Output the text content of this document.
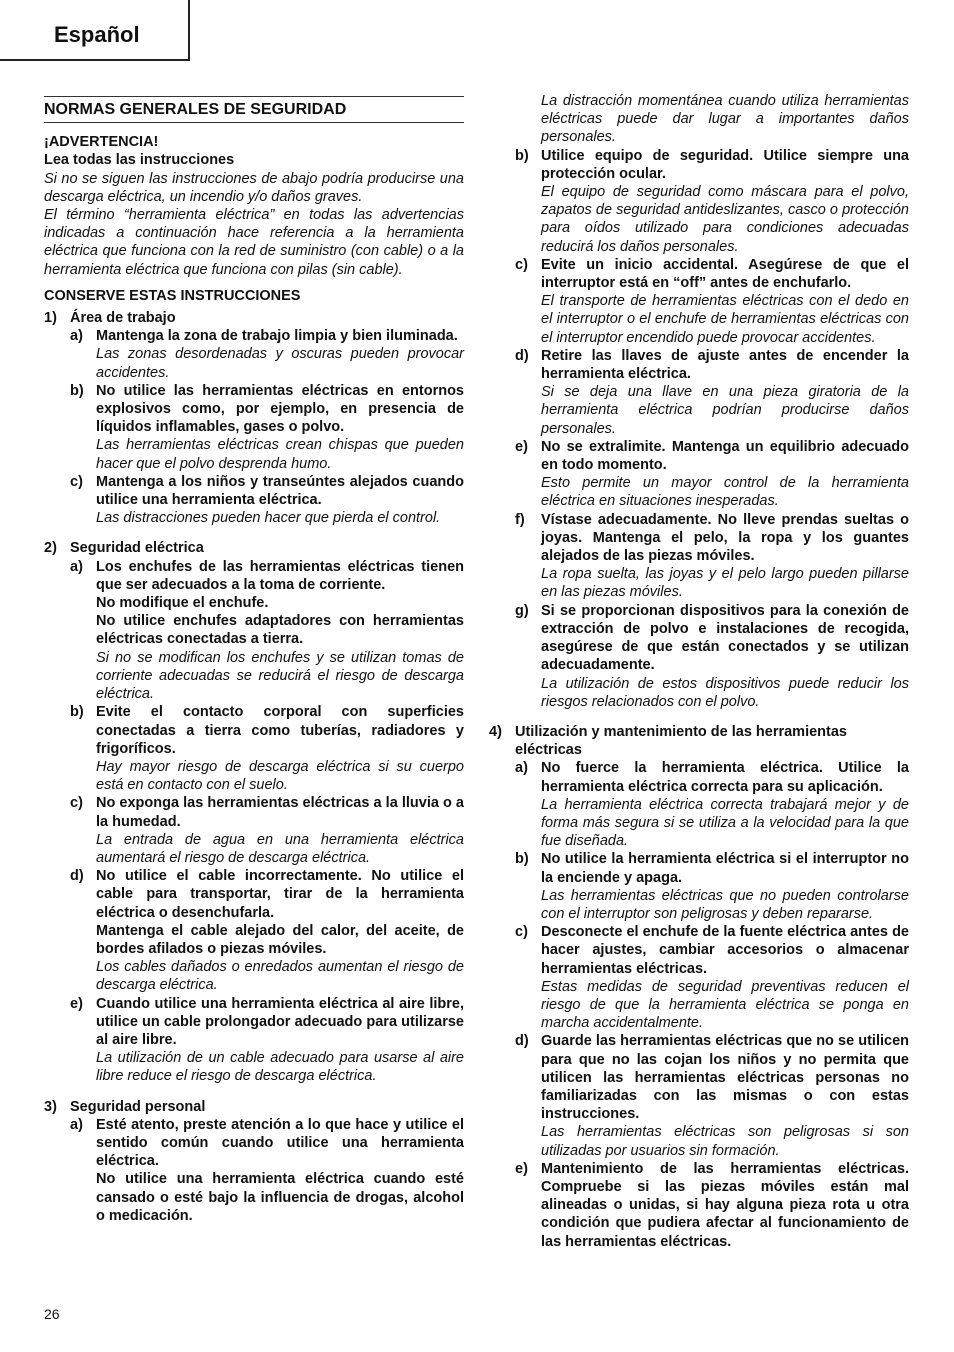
Español
NORMAS GENERALES DE SEGURIDAD
¡ADVERTENCIA!
Lea todas las instrucciones
Si no se siguen las instrucciones de abajo podría producirse una descarga eléctrica, un incendio y/o daños graves.
El término “herramienta eléctrica” en todas las advertencias indicadas a continuación hace referencia a la herramienta eléctrica que funciona con la red de suministro (con cable) o a la herramienta eléctrica que funciona con pilas (sin cable).
CONSERVE ESTAS INSTRUCCIONES
1) Área de trabajo
a) Mantenga la zona de trabajo limpia y bien iluminada.
Las zonas desordenadas y oscuras pueden provocar accidentes.
b) No utilice las herramientas eléctricas en entornos explosivos como, por ejemplo, en presencia de líquidos inflamables, gases o polvo.
Las herramientas eléctricas crean chispas que pueden hacer que el polvo desprenda humo.
c) Mantenga a los niños y transeúntes alejados cuando utilice una herramienta eléctrica.
Las distracciones pueden hacer que pierda el control.
2) Seguridad eléctrica
a) Los enchufes de las herramientas eléctricas tienen que ser adecuados a la toma de corriente.
No modifique el enchufe.
No utilice enchufes adaptadores con herramientas eléctricas conectadas a tierra.
Si no se modifican los enchufes y se utilizan tomas de corriente adecuadas se reducirá el riesgo de descarga eléctrica.
b) Evite el contacto corporal con superficies conectadas a tierra como tuberías, radiadores y frigoríficos.
Hay mayor riesgo de descarga eléctrica si su cuerpo está en contacto con el suelo.
c) No exponga las herramientas eléctricas a la lluvia o a la humedad.
La entrada de agua en una herramienta eléctrica aumentará el riesgo de descarga eléctrica.
d) No utilice el cable incorrectamente. No utilice el cable para transportar, tirar de la herramienta eléctrica o desenchufarla.
Mantenga el cable alejado del calor, del aceite, de bordes afilados o piezas móviles.
Los cables dañados o enredados aumentan el riesgo de descarga eléctrica.
e) Cuando utilice una herramienta eléctrica al aire libre, utilice un cable prolongador adecuado para utilizarse al aire libre.
La utilización de un cable adecuado para usarse al aire libre reduce el riesgo de descarga eléctrica.
3) Seguridad personal
a) Esté atento, preste atención a lo que hace y utilice el sentido común cuando utilice una herramienta eléctrica.
No utilice una herramienta eléctrica cuando esté cansado o esté bajo la influencia de drogas, alcohol o medicación.
La distracción momentánea cuando utiliza herramientas eléctricas puede dar lugar a importantes daños personales.
b) Utilice equipo de seguridad. Utilice siempre una protección ocular.
El equipo de seguridad como máscara para el polvo, zapatos de seguridad antideslizantes, casco o protección para oídos utilizado para condiciones adecuadas reducirá los daños personales.
c) Evite un inicio accidental. Asegúrese de que el interruptor está en “off” antes de enchufarlo.
El transporte de herramientas eléctricas con el dedo en el interruptor o el enchufe de herramientas eléctricas con el interruptor encendido puede provocar accidentes.
d) Retire las llaves de ajuste antes de encender la herramienta eléctrica.
Si se deja una llave en una pieza giratoria de la herramienta eléctrica podrían producirse daños personales.
e) No se extralimite. Mantenga un equilibrio adecuado en todo momento.
Esto permite un mayor control de la herramienta eléctrica en situaciones inesperadas.
f)	Vístase adecuadamente. No lleve prendas sueltas o joyas. Mantenga el pelo, la ropa y los guantes alejados de las piezas móviles.
La ropa suelta, las joyas y el pelo largo pueden pillarse en las piezas móviles.
g) Si se proporcionan dispositivos para la conexión de extracción de polvo e instalaciones de recogida, asegúrese de que están conectados y se utilizan adecuadamente.
La utilización de estos dispositivos puede reducir los riesgos relacionados con el polvo.
4) Utilización y mantenimiento de las herramientas eléctricas
a) No fuerce la herramienta eléctrica. Utilice la herramienta eléctrica correcta para su aplicación.
La herramienta eléctrica correcta trabajará mejor y de forma más segura si se utiliza a la velocidad para la que fue diseñada.
b) No utilice la herramienta eléctrica si el interruptor no la enciende y apaga.
Las herramientas eléctricas que no pueden controlarse con el interruptor son peligrosas y deben repararse.
c) Desconecte el enchufe de la fuente eléctrica antes de hacer ajustes, cambiar accesorios o almacenar herramientas eléctricas.
Estas medidas de seguridad preventivas reducen el riesgo de que la herramienta eléctrica se ponga en marcha accidentalmente.
d) Guarde las herramientas eléctricas que no se utilicen para que no las cojan los niños y no permita que utilicen las herramientas eléctricas personas no familiarizadas con las mismas o con estas instrucciones.
Las herramientas eléctricas son peligrosas si son utilizadas por usuarios sin formación.
e) Mantenimiento de las herramientas eléctricas. Compruebe si las piezas móviles están mal alineadas o unidas, si hay alguna pieza rota u otra condición que pudiera afectar al funcionamiento de las herramientas eléctricas.
26
